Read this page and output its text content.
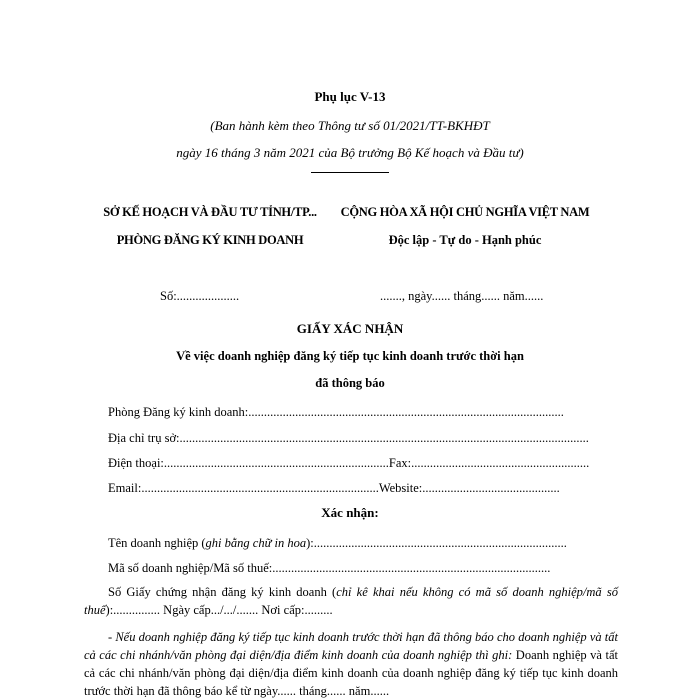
Phụ lục V-13
(Ban hành kèm theo Thông tư số 01/2021/TT-BKHĐT
ngày 16 tháng 3 năm 2021 của Bộ trưởng Bộ Kế hoạch và Đầu tư)
SỞ KẾ HOẠCH VÀ ĐẦU TƯ TỈNH/TP...
PHÒNG ĐĂNG KÝ KINH DOANH
CỘNG HÒA XÃ HỘI CHỦ NGHĨA VIỆT NAM
Độc lập - Tự do - Hạnh phúc
Số:....................	......., ngày...... tháng...... năm......
GIẤY XÁC NHẬN
Về việc doanh nghiệp đăng ký tiếp tục kinh doanh trước thời hạn
đã thông báo
Phòng Đăng ký kinh doanh:.....................................................................................................
Địa chỉ trụ sở:...................................................................................................................................
Điện thoại:........................................................................Fax:.........................................................
Email:............................................................................Website:............................................
Xác nhận:
Tên doanh nghiệp (ghi bằng chữ in hoa):.................................................................................
Mã số doanh nghiệp/Mã số thuế:.........................................................................................
Số Giấy chứng nhận đăng ký kinh doanh (chỉ kê khai nếu không có mã số doanh nghiệp/mã số thuế):............... Ngày cấp.../.../....... Nơi cấp:.........
- Nếu doanh nghiệp đăng ký tiếp tục kinh doanh trước thời hạn đã thông báo cho doanh nghiệp và tất cả các chi nhánh/văn phòng đại diện/địa điểm kinh doanh của doanh nghiệp thì ghi: Doanh nghiệp và tất cả các chi nhánh/văn phòng đại diện/địa điểm kinh doanh của doanh nghiệp đăng ký tiếp tục kinh doanh trước thời hạn đã thông báo kể từ ngày...... tháng...... năm......
